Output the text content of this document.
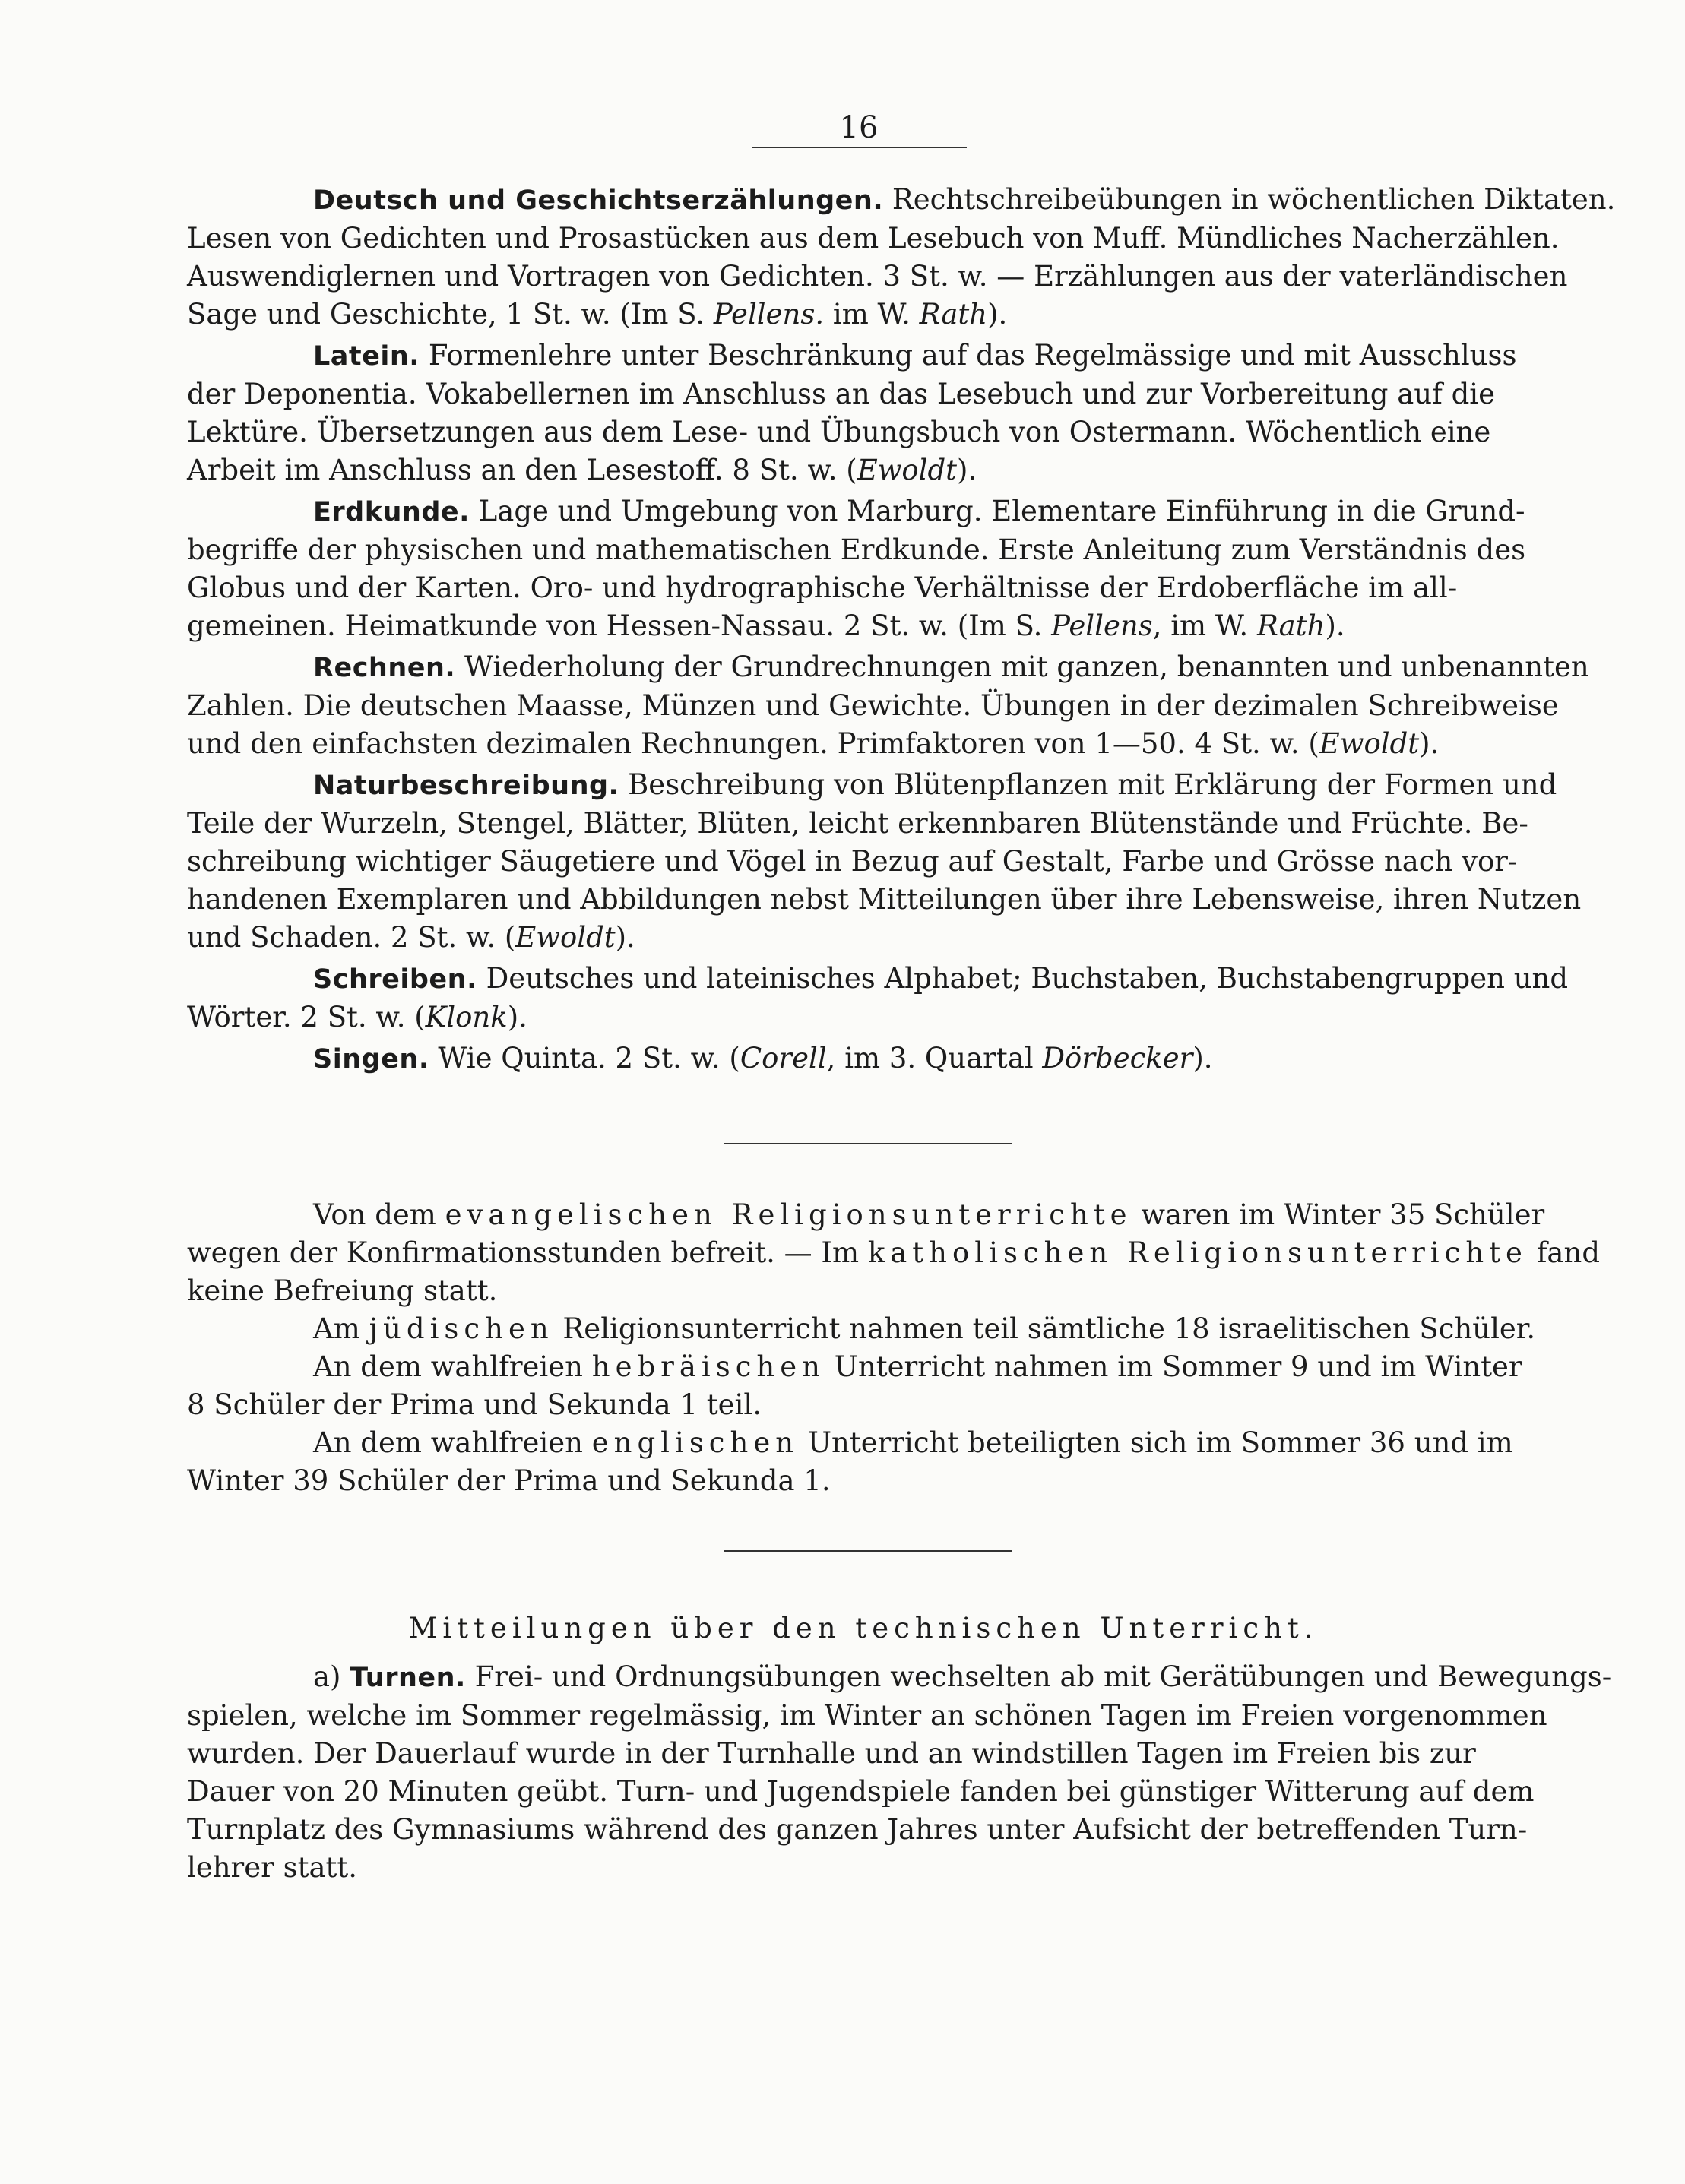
16

Deutsch und Geschichtserzählungen. Rechtschreibeübungen in wöchentlichen Diktaten.

Lesen von Gedichten und Prosastücken aus dem Lesebuch von Muff. Mündliches Nacherzählen.

Auswendiglernen und Vortragen von Gedichten. 3 St. w. — Erzählungen aus der vaterländischen

Sage und Geschichte, 1 St. w. (Im S. Pellens. im W. Rath).

Latein. Formenlehre unter Beschränkung auf das Regelmässige und mit Ausschluss

der Deponentia. Vokabellernen im Anschluss an das Lesebuch und zur Vorbereitung auf die

Lektüre. Übersetzungen aus dem Lese- und Übungsbuch von Ostermann. Wöchentlich eine

Arbeit im Anschluss an den Lesestoff. 8 St. w. (Ewoldt).

Erdkunde. Lage und Umgebung von Marburg. Elementare Einführung in die Grund-

begriffe der physischen und mathematischen Erdkunde. Erste Anleitung zum Verständnis des

Globus und der Karten. Oro- und hydrographische Verhältnisse der Erdoberfläche im all-

gemeinen. Heimatkunde von Hessen-Nassau. 2 St. w. (Im S. Pellens, im W. Rath).

Rechnen. Wiederholung der Grundrechnungen mit ganzen, benannten und unbenannten

Zahlen. Die deutschen Maasse, Münzen und Gewichte. Übungen in der dezimalen Schreibweise

und den einfachsten dezimalen Rechnungen. Primfaktoren von 1—50. 4 St. w. (Ewoldt).

Naturbeschreibung. Beschreibung von Blütenpflanzen mit Erklärung der Formen und

Teile der Wurzeln, Stengel, Blätter, Blüten, leicht erkennbaren Blütenstände und Früchte. Be-

schreibung wichtiger Säugetiere und Vögel in Bezug auf Gestalt, Farbe und Grösse nach vor-

handenen Exemplaren und Abbildungen nebst Mitteilungen über ihre Lebensweise, ihren Nutzen

und Schaden. 2 St. w. (Ewoldt).

Schreiben. Deutsches und lateinisches Alphabet; Buchstaben, Buchstabengruppen und

Wörter. 2 St. w. (Klonk).

Singen. Wie Quinta. 2 St. w. (Corell, im 3. Quartal Dörbecker).

Von dem evangelischen Religionsunterrichte waren im Winter 35 Schüler

wegen der Konfirmationsstunden befreit. — Im katholischen Religionsunterrichte fand

keine Befreiung statt.

Am jüdischen Religionsunterricht nahmen teil sämtliche 18 israelitischen Schüler.

An dem wahlfreien hebräischen Unterricht nahmen im Sommer 9 und im Winter

8 Schüler der Prima und Sekunda 1 teil.

An dem wahlfreien englischen Unterricht beteiligten sich im Sommer 36 und im

Winter 39 Schüler der Prima und Sekunda 1.

Mitteilungen über den technischen Unterricht.

a) Turnen. Frei- und Ordnungsübungen wechselten ab mit Gerätübungen und Bewegungs-

spielen, welche im Sommer regelmässig, im Winter an schönen Tagen im Freien vorgenommen

wurden. Der Dauerlauf wurde in der Turnhalle und an windstillen Tagen im Freien bis zur

Dauer von 20 Minuten geübt. Turn- und Jugendspiele fanden bei günstiger Witterung auf dem

Turnplatz des Gymnasiums während des ganzen Jahres unter Aufsicht der betreffenden Turn-

lehrer statt.
